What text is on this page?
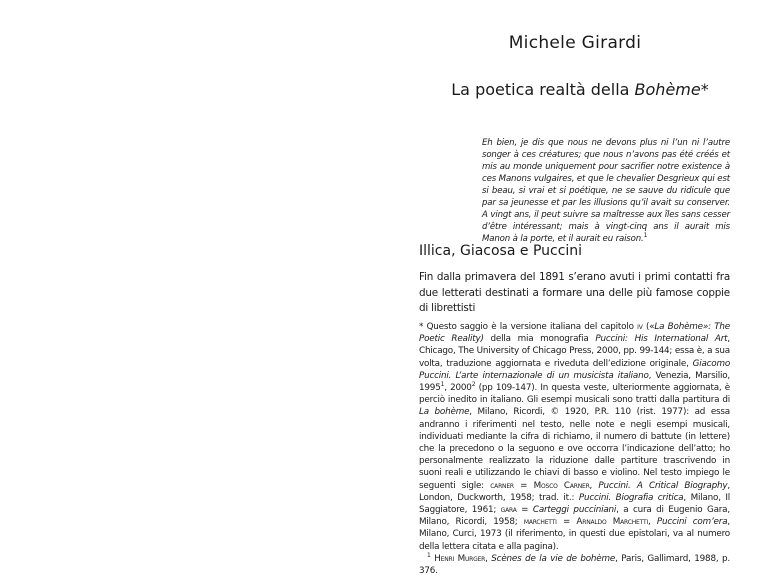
Michele Girardi
La poetica realtà della Bohème*
Eh bien, je dis que nous ne devons plus ni l’un ni l’autre songer à ces créatures; que nous n’avons pas été créés et mis au monde uniquement pour sacrifier notre existence à ces Manons vulgaires, et que le chevalier Desgrieux qui est si beau, si vrai et si poétique, ne se sauve du ridicule que par sa jeunesse et par les illusions qu’il avait su conserver. A vingt ans, il peut suivre sa maîtresse aux îles sans cesser d’être intéressant; mais à vingt-cinq ans il aurait mis Manon à la porte, et il aurait eu raison.$^1$
Illica, Giacosa e Puccini
Fin dalla primavera del 1891 s’erano avuti i primi contatti fra due letterati destinati a formare una delle più famose coppie di librettisti

* Questo saggio è la versione italiana del capitolo iv («La Bohème»: The Poetic Reality) della mia monografia Puccini: His International Art, Chicago, The University of Chicago Press, 2000, pp. 99-144; essa è, a sua volta, traduzione aggiornata e riveduta dell’edizione originale, Giacomo Puccini. L’arte internazionale di un musicista italiano, Venezia, Marsilio, 1995$^1$, 2000$^2$ (pp 109-147). In questa veste, ulteriormente aggiornata, è perciò inedito in italiano. Gli esempi musicali sono tratti dalla partitura di La bohème, Milano, Ricordi, © 1920, P.R. 110 (rist. 1977): ad essa andranno i riferimenti nel testo, nelle note e negli esempi musicali, individuati mediante la cifra di richiamo, il numero di battute (in lettere) che la precedono o la seguono e ove occorra l’indicazione dell’atto; ho personalmente realizzato la riduzione dalle partiture trascrivendo in suoni reali e utilizzando le chiavi di basso e violino. Nel testo impiego le seguenti sigle: carner = Mosco Carner, Puccini. A Critical Biography, London, Duckworth, 1958; trad. it.: Puccini. Biografia critica, Milano, Il Saggiatore, 1961; gara = Carteggi pucciniani, a cura di Eugenio Gara, Milano, Ricordi, 1958; marchetti = Arnaldo Marchetti, Puccini com’era, Milano, Curci, 1973 (il riferimento, in questi due epistolari, va al numero della lettera citata e alla pagina).

$^1$ Henri Murger, Scènes de la vie de bohème, Paris, Gallimard, 1988, p. 376.
